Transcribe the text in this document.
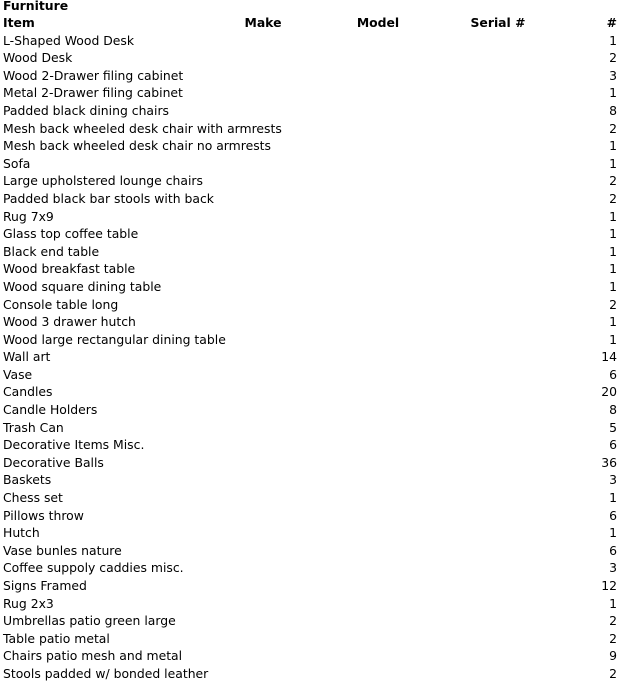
Furniture
Item	Make	Model	Serial #	#
L-Shaped Wood Desk				1
Wood Desk				2
Wood 2-Drawer filing cabinet				3
Metal 2-Drawer filing cabinet				1
Padded black dining chairs				8
Mesh back wheeled desk chair with armrests				2
Mesh back wheeled desk chair no armrests				1
Sofa				1
Large upholstered lounge chairs				2
Padded black bar stools with back				2
Rug 7x9				1
Glass top coffee table				1
Black end table				1
Wood breakfast table				1
Wood square dining table				1
Console table long				2
Wood 3 drawer hutch				1
Wood large rectangular dining table				1
Wall art				14
Vase				6
Candles				20
Candle Holders				8
Trash Can				5
Decorative Items Misc.				6
Decorative Balls				36
Baskets				3
Chess set				1
Pillows throw				6
Hutch				1
Vase bunles nature				6
Coffee suppoly caddies misc.				3
Signs Framed				12
Rug 2x3				1
Umbrellas patio green large				2
Table patio metal				2
Chairs patio mesh and metal				9
Stools padded w/ bonded leather				2
